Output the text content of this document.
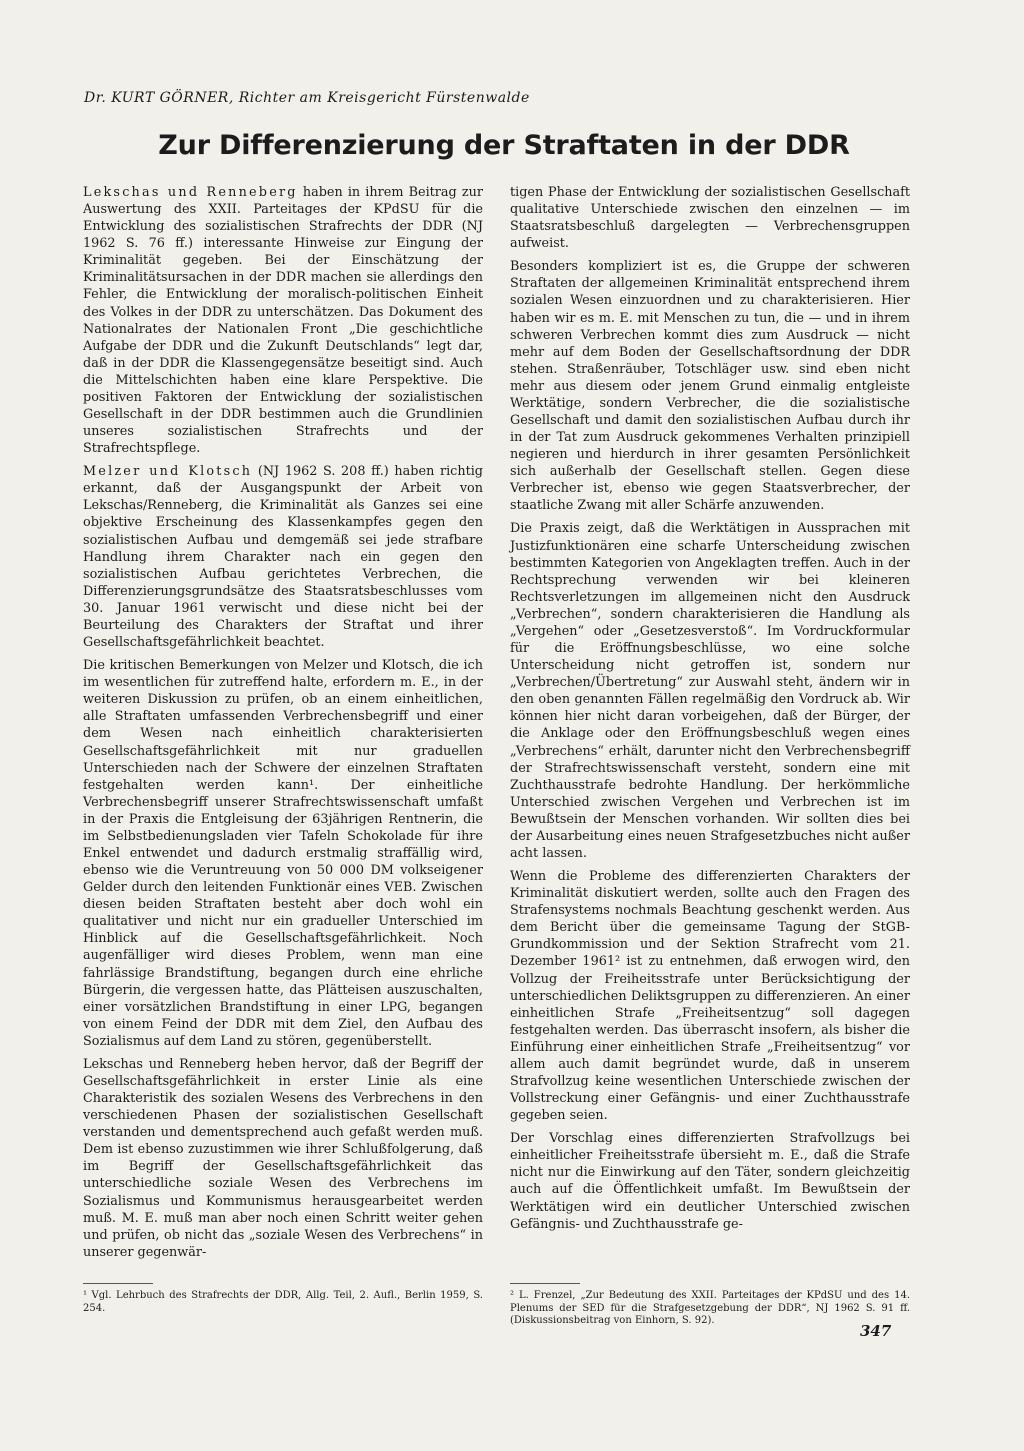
Dr. KURT GÖRNER, Richter am Kreisgericht Fürstenwalde
Zur Differenzierung der Straftaten in der DDR

Lekschas und Renneberg haben in ihrem Beitrag zur Auswertung des XXII. Parteitages der KPdSU für die Entwicklung des sozialistischen Strafrechts der DDR (NJ 1962 S. 76 ff.) interessante Hinweise zur Eingung der Kriminalität gegeben. Bei der Einschätzung der Kriminalitätsursachen in der DDR machen sie allerdings den Fehler, die Entwicklung der moralisch-politischen Einheit des Volkes in der DDR zu unterschätzen. Das Dokument des Nationalrates der Nationalen Front „Die geschichtliche Aufgabe der DDR und die Zukunft Deutschlands“ legt dar, daß in der DDR die Klassengegensätze beseitigt sind. Auch die Mittelschichten haben eine klare Perspektive. Die positiven Faktoren der Entwicklung der sozialistischen Gesellschaft in der DDR bestimmen auch die Grundlinien unseres sozialistischen Strafrechts und der Strafrechtspflege.

Melzer und Klotsch (NJ 1962 S. 208 ff.) haben richtig erkannt, daß der Ausgangspunkt der Arbeit von Lekschas/Renneberg, die Kriminalität als Ganzes sei eine objektive Erscheinung des Klassenkampfes gegen den sozialistischen Aufbau und demgemäß sei jede strafbare Handlung ihrem Charakter nach ein gegen den sozialistischen Aufbau gerichtetes Verbrechen, die Differenzierungsgrundsätze des Staatsratsbeschlusses vom 30. Januar 1961 verwischt und diese nicht bei der Beurteilung des Charakters der Straftat und ihrer Gesellschaftsgefährlichkeit beachtet.

Die kritischen Bemerkungen von Melzer und Klotsch, die ich im wesentlichen für zutreffend halte, erfordern m. E., in der weiteren Diskussion zu prüfen, ob an einem einheitlichen, alle Straftaten umfassenden Verbrechensbegriff und einer dem Wesen nach einheitlich charakterisierten Gesellschaftsgefährlichkeit mit nur graduellen Unterschieden nach der Schwere der einzelnen Straftaten festgehalten werden kann¹. Der einheitliche Verbrechensbegriff unserer Strafrechtswissenschaft umfaßt in der Praxis die Entgleisung der 63jährigen Rentnerin, die im Selbstbedienungsladen vier Tafeln Schokolade für ihre Enkel entwendet und dadurch erstmalig straffällig wird, ebenso wie die Veruntreuung von 50 000 DM volkseigener Gelder durch den leitenden Funktionär eines VEB. Zwischen diesen beiden Straftaten besteht aber doch wohl ein qualitativer und nicht nur ein gradueller Unterschied im Hinblick auf die Gesellschaftsgefährlichkeit. Noch augenfälliger wird dieses Problem, wenn man eine fahrlässige Brandstiftung, begangen durch eine ehrliche Bürgerin, die vergessen hatte, das Plätteisen auszuschalten, einer vorsätzlichen Brandstiftung in einer LPG, begangen von einem Feind der DDR mit dem Ziel, den Aufbau des Sozialismus auf dem Land zu stören, gegenüberstellt.

Lekschas und Renneberg heben hervor, daß der Begriff der Gesellschaftsgefährlichkeit in erster Linie als eine Charakteristik des sozialen Wesens des Verbrechens in den verschiedenen Phasen der sozialistischen Gesellschaft verstanden und dementsprechend auch gefaßt werden muß. Dem ist ebenso zuzustimmen wie ihrer Schlußfolgerung, daß im Begriff der Gesellschaftsgefährlichkeit das unterschiedliche soziale Wesen des Verbrechens im Sozialismus und Kommunismus herausgearbeitet werden muß. M. E. muß man aber noch einen Schritt weiter gehen und prüfen, ob nicht das „soziale Wesen des Verbrechens“ in unserer gegenwär-

tigen Phase der Entwicklung der sozialistischen Gesellschaft qualitative Unterschiede zwischen den einzelnen — im Staatsratsbeschluß dargelegten — Verbrechensgruppen aufweist.

Besonders kompliziert ist es, die Gruppe der schweren Straftaten der allgemeinen Kriminalität entsprechend ihrem sozialen Wesen einzuordnen und zu charakterisieren. Hier haben wir es m. E. mit Menschen zu tun, die — und in ihrem schweren Verbrechen kommt dies zum Ausdruck — nicht mehr auf dem Boden der Gesellschaftsordnung der DDR stehen. Straßenräuber, Totschläger usw. sind eben nicht mehr aus diesem oder jenem Grund einmalig entgleiste Werktätige, sondern Verbrecher, die die sozialistische Gesellschaft und damit den sozialistischen Aufbau durch ihr in der Tat zum Ausdruck gekommenes Verhalten prinzipiell negieren und hierdurch in ihrer gesamten Persönlichkeit sich außerhalb der Gesellschaft stellen. Gegen diese Verbrecher ist, ebenso wie gegen Staatsverbrecher, der staatliche Zwang mit aller Schärfe anzuwenden.

Die Praxis zeigt, daß die Werktätigen in Aussprachen mit Justizfunktionären eine scharfe Unterscheidung zwischen bestimmten Kategorien von Angeklagten treffen. Auch in der Rechtsprechung verwenden wir bei kleineren Rechtsverletzungen im allgemeinen nicht den Ausdruck „Verbrechen“, sondern charakterisieren die Handlung als „Vergehen“ oder „Gesetzesverstoß“. Im Vordruckformular für die Eröffnungsbeschlüsse, wo eine solche Unterscheidung nicht getroffen ist, sondern nur „Verbrechen/Übertretung“ zur Auswahl steht, ändern wir in den oben genannten Fällen regelmäßig den Vordruck ab. Wir können hier nicht daran vorbeigehen, daß der Bürger, der die Anklage oder den Eröffnungsbeschluß wegen eines „Verbrechens“ erhält, darunter nicht den Verbrechensbegriff der Strafrechtswissenschaft versteht, sondern eine mit Zuchthausstrafe bedrohte Handlung. Der herkömmliche Unterschied zwischen Vergehen und Verbrechen ist im Bewußtsein der Menschen vorhanden. Wir sollten dies bei der Ausarbeitung eines neuen Strafgesetzbuches nicht außer acht lassen.

Wenn die Probleme des differenzierten Charakters der Kriminalität diskutiert werden, sollte auch den Fragen des Strafensystems nochmals Beachtung geschenkt werden. Aus dem Bericht über die gemeinsame Tagung der StGB-Grundkommission und der Sektion Strafrecht vom 21. Dezember 1961² ist zu entnehmen, daß erwogen wird, den Vollzug der Freiheitsstrafe unter Berücksichtigung der unterschiedlichen Deliktsgruppen zu differenzieren. An einer einheitlichen Strafe „Freiheitsentzug“ soll dagegen festgehalten werden. Das überrascht insofern, als bisher die Einführung einer einheitlichen Strafe „Freiheitsentzug“ vor allem auch damit begründet wurde, daß in unserem Strafvollzug keine wesentlichen Unterschiede zwischen der Vollstreckung einer Gefängnis- und einer Zuchthausstrafe gegeben seien.

Der Vorschlag eines differenzierten Strafvollzugs bei einheitlicher Freiheitsstrafe übersieht m. E., daß die Strafe nicht nur die Einwirkung auf den Täter, sondern gleichzeitig auch auf die Öffentlichkeit umfaßt. Im Bewußtsein der Werktätigen wird ein deutlicher Unterschied zwischen Gefängnis- und Zuchthausstrafe ge-

¹ Vgl. Lehrbuch des Strafrechts der DDR, Allg. Teil, 2. Aufl., Berlin 1959, S. 254.
² L. Frenzel, „Zur Bedeutung des XXII. Parteitages der KPdSU und des 14. Plenums der SED für die Strafgesetzgebung der DDR“, NJ 1962 S. 91 ff. (Diskussionsbeitrag von Einhorn, S. 92).
347
